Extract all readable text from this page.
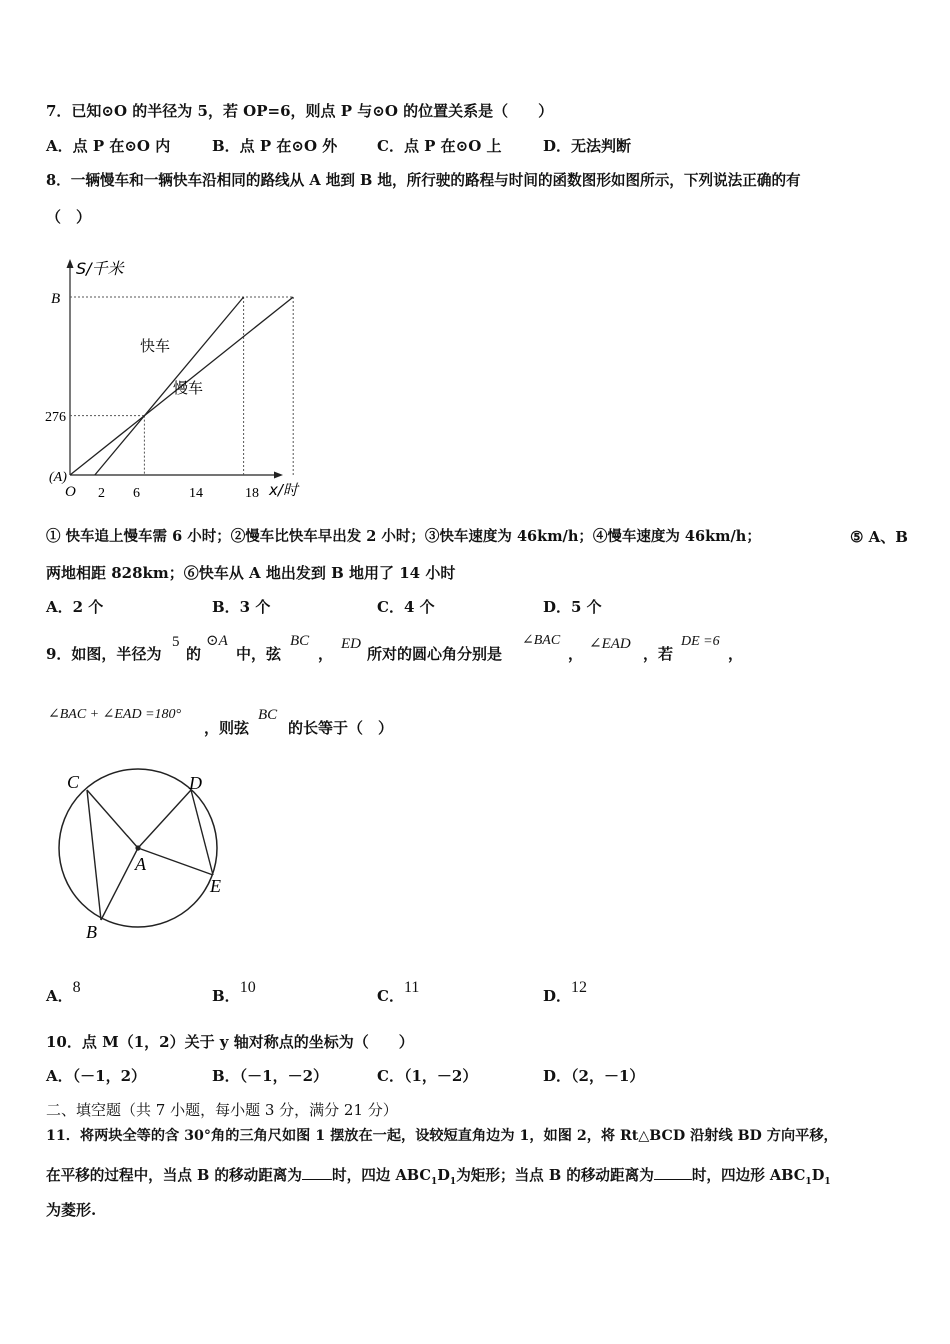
7．已知⊙O 的半径为 5，若 OP=6，则点 P 与⊙O 的位置关系是（　　）
A．点 P 在⊙O 内	B．点 P 在⊙O 外	C．点 P 在⊙O 上	D．无法判断
8．一辆慢车和一辆快车沿相同的路线从 A 地到 B 地，所行驶的路程与时间的函数图形如图所示，下列说法正确的有
（　）
S/千米
x/时
O
(A)
276
B
2 6	14	18
快车
慢车
① 快车追上慢车需 6 小时；②慢车比快车早出发 2 小时；③快车速度为 46km/h；④慢车速度为 46km/h；	⑤ A、B
两地相距 828km；⑥快车从 A 地出发到 B 地用了 14 小时
A．2 个	B．3 个	C．4 个	D．5 个
9．如图，半径为
5
的
⊙A
中，弦
BC
，
ED
所对的圆心角分别是
∠BAC
，
∠EAD
，若
DE =6
，
∠BAC + ∠EAD =180°
，则弦
BC
的长等于（　）
C	D
A
E
B
A．8	B．10	C．11	D．12
10．点 M（1，2）关于 y 轴对称点的坐标为（　　）
A．（－1，2）	B．（－1，－2）	C．（1，－2）	D．（2，－1）
二、填空题（共 7 小题，每小题 3 分，满分 21 分）
11．将两块全等的含 30°角的三角尺如图 1 摆放在一起，设较短直角边为 1，如图 2，将 Rt△BCD 沿射线 BD 方向平移，
在平移的过程中，当点 B 的移动距离为 时，四边 $ABC_1D_1$为矩形；当点 B 的移动距离为	时，四边形 $ABC_1D_1$
为菱形.
